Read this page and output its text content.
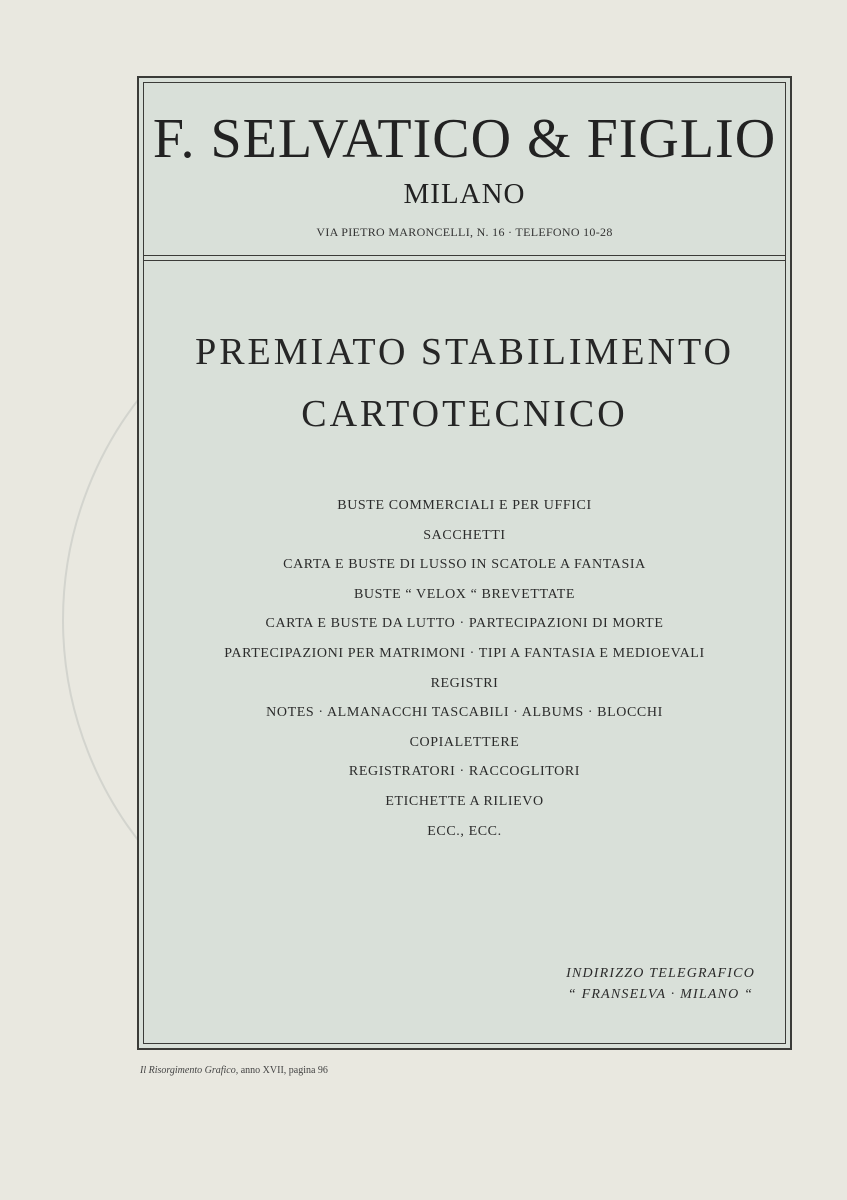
F. SELVATICO & FIGLIO
MILANO
VIA PIETRO MARONCELLI, N. 16 · TELEFONO 10-28
PREMIATO STABILIMENTO
CARTOTECNICO
BUSTE COMMERCIALI E PER UFFICI
SACCHETTI
CARTA E BUSTE DI LUSSO IN SCATOLE A FANTASIA
BUSTE “ VELOX “ BREVETTATE
CARTA E BUSTE DA LUTTO · PARTECIPAZIONI DI MORTE
PARTECIPAZIONI PER MATRIMONI · TIPI A FANTASIA E MEDIOEVALI
REGISTRI
NOTES · ALMANACCHI TASCABILI · ALBUMS · BLOCCHI
COPIALETTERE
REGISTRATORI · RACCOGLITORI
ETICHETTE A RILIEVO
ECC., ECC.
INDIRIZZO TELEGRAFICO
“ FRANSELVA · MILANO “
Il Risorgimento Grafico, anno XVII, pagina 96
